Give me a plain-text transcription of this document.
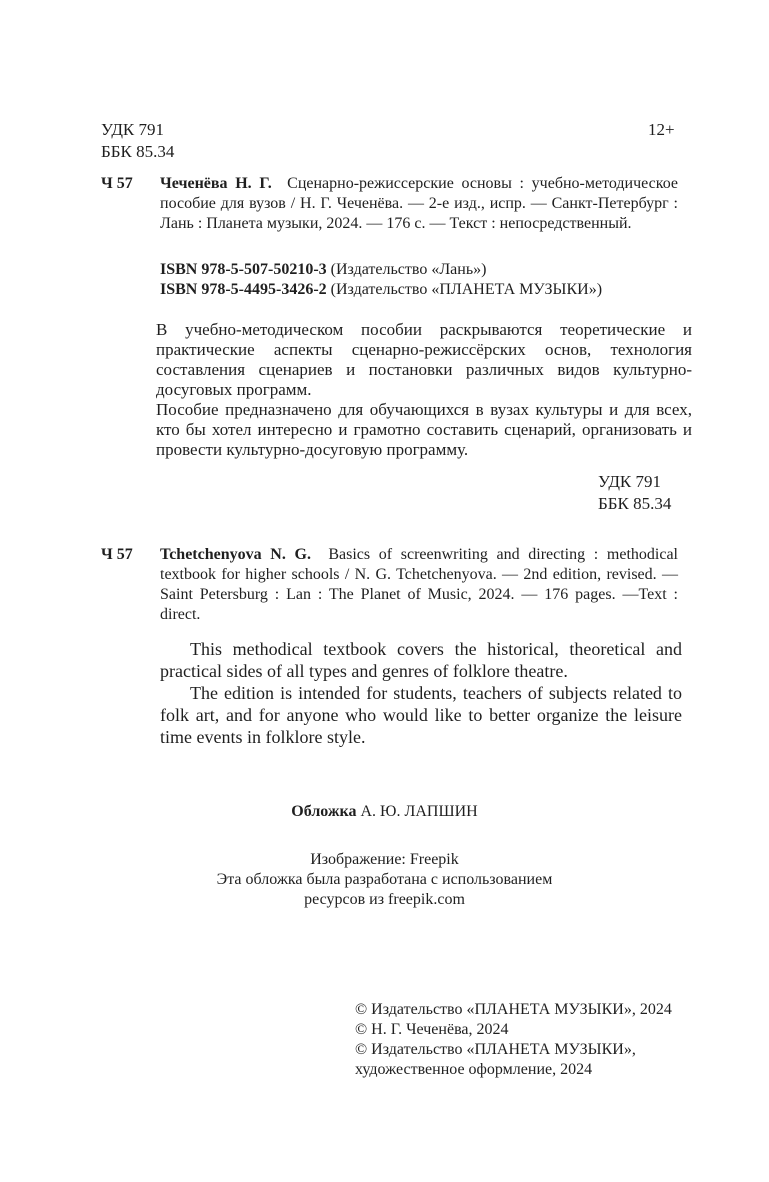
УДК 791
ББК 85.34
12+
Ч 57 Чеченёва Н. Г. Сценарно-режиссерские основы : учебно-методическое пособие для вузов / Н. Г. Чеченёва. — 2-е изд., испр. — Санкт-Петербург : Лань : Планета музыки, 2024. — 176 с. — Текст : непосредственный.
ISBN 978-5-507-50210-3 (Издательство «Лань»)
ISBN 978-5-4495-3426-2 (Издательство «ПЛАНЕТА МУЗЫКИ»)
В учебно-методическом пособии раскрываются теоретические и практические аспекты сценарно-режиссёрских основ, технология составления сценариев и постановки различных видов культурно-досуговых программ.
Пособие предназначено для обучающихся в вузах культуры и для всех, кто бы хотел интересно и грамотно составить сценарий, организовать и провести культурно-досуговую программу.
УДК 791
ББК 85.34
Ч 57 Tchetchenyova N. G. Basics of screenwriting and directing : methodical textbook for higher schools / N. G. Tchetchenyova. — 2nd edition, revised. — Saint Petersburg : Lan : The Planet of Music, 2024. — 176 pages. —Text : direct.
This methodical textbook covers the historical, theoretical and practical sides of all types and genres of folklore theatre.
The edition is intended for students, teachers of subjects related to folk art, and for anyone who would like to better organize the leisure time events in folklore style.
Обложка А. Ю. ЛАПШИН
Изображение: Freepik
Эта обложка была разработана с использованием
ресурсов из freepik.com
© Издательство «ПЛАНЕТА МУЗЫКИ», 2024
© Н. Г. Чеченёва, 2024
© Издательство «ПЛАНЕТА МУЗЫКИ»,
художественное оформление, 2024
